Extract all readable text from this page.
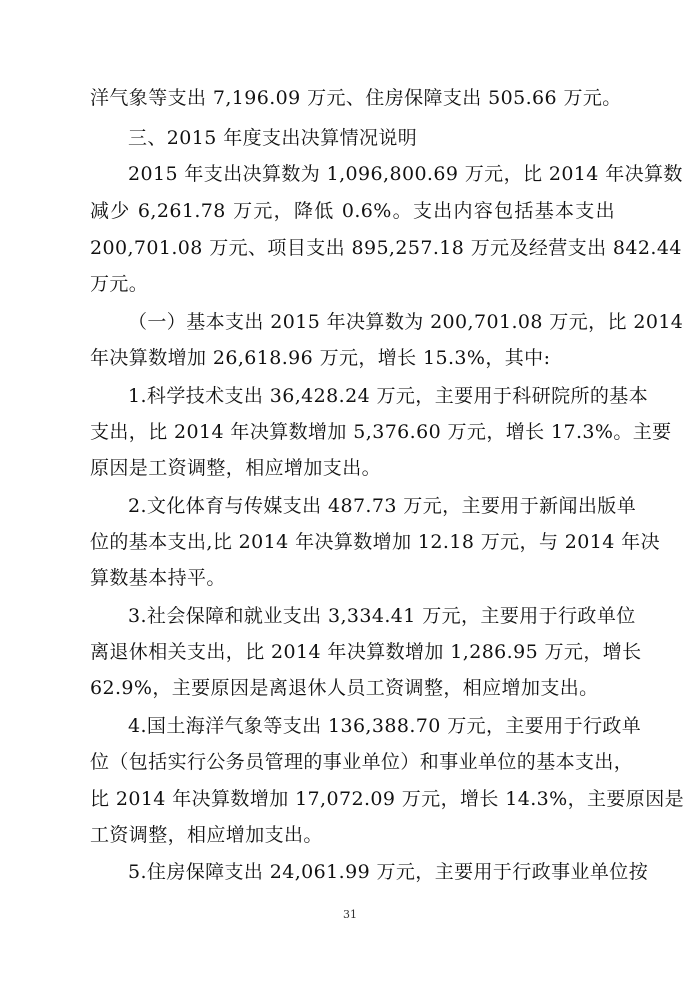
洋气象等支出 7,196.09 万元、住房保障支出 505.66 万元。
三、2015 年度支出决算情况说明
2015 年支出决算数为 1,096,800.69 万元，比 2014 年决算数
减少 6,261.78 万元，降低 0.6%。支出内容包括基本支出
200,701.08 万元、项目支出 895,257.18 万元及经营支出 842.44
万元。
（一）基本支出 2015 年决算数为 200,701.08 万元，比 2014
年决算数增加 26,618.96 万元，增长 15.3%，其中:
1.科学技术支出 36,428.24 万元，主要用于科研院所的基本
支出，比 2014 年决算数增加 5,376.60 万元，增长 17.3%。主要
原因是工资调整，相应增加支出。
2.文化体育与传媒支出 487.73 万元，主要用于新闻出版单
位的基本支出,比 2014 年决算数增加 12.18 万元，与 2014 年决
算数基本持平。
3.社会保障和就业支出 3,334.41 万元，主要用于行政单位
离退休相关支出，比 2014 年决算数增加 1,286.95 万元，增长
62.9%，主要原因是离退休人员工资调整，相应增加支出。
4.国土海洋气象等支出 136,388.70 万元，主要用于行政单
位（包括实行公务员管理的事业单位）和事业单位的基本支出，
比 2014 年决算数增加 17,072.09 万元，增长 14.3%，主要原因是
工资调整，相应增加支出。
5.住房保障支出 24,061.99 万元，主要用于行政事业单位按
31
